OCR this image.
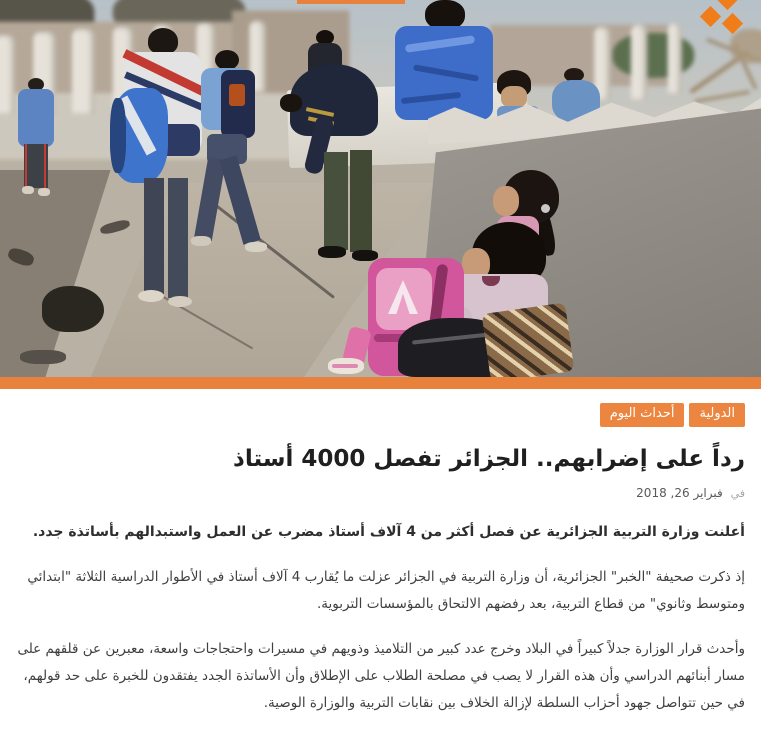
الدولية
أحداث اليوم
رداً على إضرابهم.. الجزائر تفصل 4000 أستاذ
في فبراير 26, 2018

أعلنت وزارة التربية الجزائرية عن فصل أكثر من 4 آلاف أستاذ مضرب عن العمل واستبدالهم بأساتذة جدد.

إذ ذكرت صحيفة "الخبر" الجزائرية، أن وزارة التربية في الجزائر عزلت ما يُقارب 4 آلاف أستاذ في الأطوار الدراسية الثلاثة "ابتدائي ومتوسط وثانوي" من قطاع التربية، بعد رفضهم الالتحاق بالمؤسسات التربوية.

وأحدث قرار الوزارة جدلاً كبيراً في البلاد وخرج عدد كبير من التلاميذ وذويهم في مسيرات واحتجاجات واسعة، معبرين عن قلقهم على مسار أبنائهم الدراسي وأن هذه القرار لا يصب في مصلحة الطلاب على الإطلاق وأن الأساتذة الجدد يفتقدون للخبرة على حد قولهم، في حين تتواصل جهود أحزاب السلطة لإزالة الخلاف بين نقابات التربية والوزارة الوصية.
